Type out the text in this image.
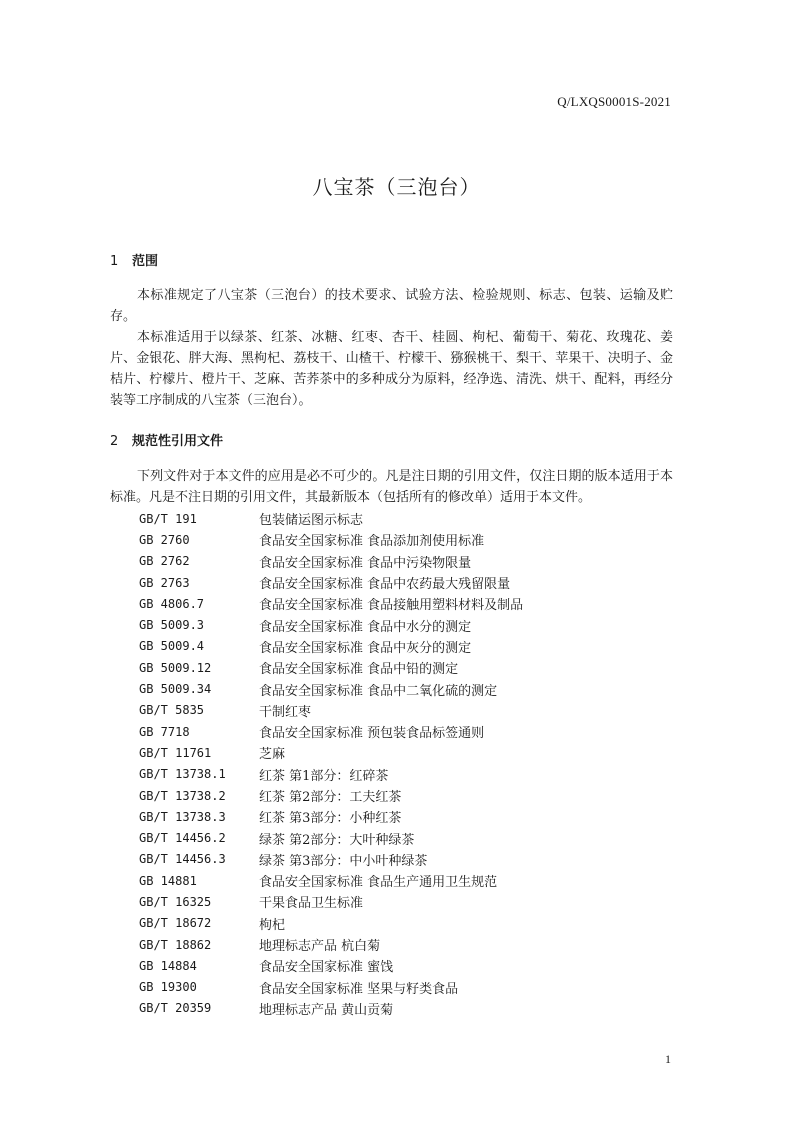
Q/LXQS0001S-2021
八宝茶（三泡台）
1 范围

本标准规定了八宝茶（三泡台）的技术要求、试验方法、检验规则、标志、包装、运输及贮存。

本标准适用于以绿茶、红茶、冰糖、红枣、杏干、桂圆、枸杞、葡萄干、菊花、玫瑰花、姜片、金银花、胖大海、黑枸杞、荔枝干、山楂干、柠檬干、猕猴桃干、梨干、苹果干、决明子、金桔片、柠檬片、橙片干、芝麻、苦荞茶中的多种成分为原料，经净选、清洗、烘干、配料，再经分装等工序制成的八宝茶（三泡台）。

2 规范性引用文件

下列文件对于本文件的应用是必不可少的。凡是注日期的引用文件，仅注日期的版本适用于本标准。凡是不注日期的引用文件，其最新版本（包括所有的修改单）适用于本文件。

GB/T 191	包装储运图示标志
GB 2760	食品安全国家标准 食品添加剂使用标准
GB 2762	食品安全国家标准 食品中污染物限量
GB 2763	食品安全国家标准 食品中农药最大残留限量
GB 4806.7	食品安全国家标准 食品接触用塑料材料及制品
GB 5009.3	食品安全国家标准 食品中水分的测定
GB 5009.4	食品安全国家标准 食品中灰分的测定
GB 5009.12	食品安全国家标准 食品中铅的测定
GB 5009.34	食品安全国家标准 食品中二氧化硫的测定
GB/T 5835	干制红枣
GB 7718	食品安全国家标准 预包装食品标签通则
GB/T 11761	芝麻
GB/T 13738.1	红茶 第1部分：红碎茶
GB/T 13738.2	红茶 第2部分：工夫红茶
GB/T 13738.3	红茶 第3部分：小种红茶
GB/T 14456.2	绿茶 第2部分：大叶种绿茶
GB/T 14456.3	绿茶 第3部分：中小叶种绿茶
GB 14881	食品安全国家标准 食品生产通用卫生规范
GB/T 16325	干果食品卫生标准
GB/T 18672	枸杞
GB/T 18862	地理标志产品 杭白菊
GB 14884	食品安全国家标准 蜜饯
GB 19300	食品安全国家标准 坚果与籽类食品
GB/T 20359	地理标志产品 黄山贡菊
1
